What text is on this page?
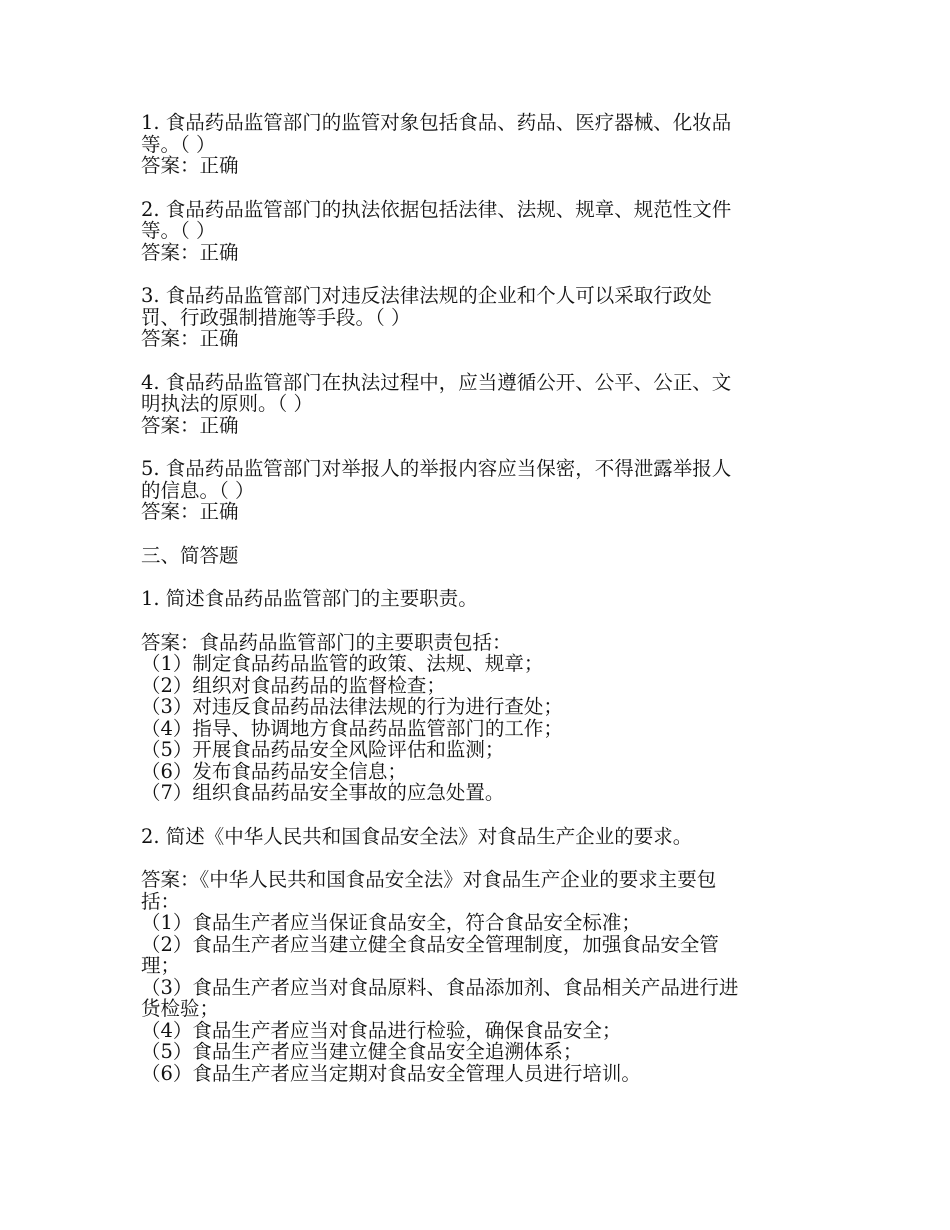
1. 食品药品监管部门的监管对象包括食品、药品、医疗器械、化妆品
等。（ ）
答案：正确
2. 食品药品监管部门的执法依据包括法律、法规、规章、规范性文件
等。（ ）
答案：正确
3. 食品药品监管部门对违反法律法规的企业和个人可以采取行政处
罚、行政强制措施等手段。（ ）
答案：正确
4. 食品药品监管部门在执法过程中，应当遵循公开、公平、公正、文
明执法的原则。（ ）
答案：正确
5. 食品药品监管部门对举报人的举报内容应当保密，不得泄露举报人
的信息。（ ）
答案：正确
三、简答题
1. 简述食品药品监管部门的主要职责。
答案：食品药品监管部门的主要职责包括：
（1）制定食品药品监管的政策、法规、规章；
（2）组织对食品药品的监督检查；
（3）对违反食品药品法律法规的行为进行查处；
（4）指导、协调地方食品药品监管部门的工作；
（5）开展食品药品安全风险评估和监测；
（6）发布食品药品安全信息；
（7）组织食品药品安全事故的应急处置。
2. 简述《中华人民共和国食品安全法》对食品生产企业的要求。
答案：《中华人民共和国食品安全法》对食品生产企业的要求主要包
括：
（1）食品生产者应当保证食品安全，符合食品安全标准；
（2）食品生产者应当建立健全食品安全管理制度，加强食品安全管
理；
（3）食品生产者应当对食品原料、食品添加剂、食品相关产品进行进
货检验；
（4）食品生产者应当对食品进行检验，确保食品安全；
（5）食品生产者应当建立健全食品安全追溯体系；
（6）食品生产者应当定期对食品安全管理人员进行培训。
